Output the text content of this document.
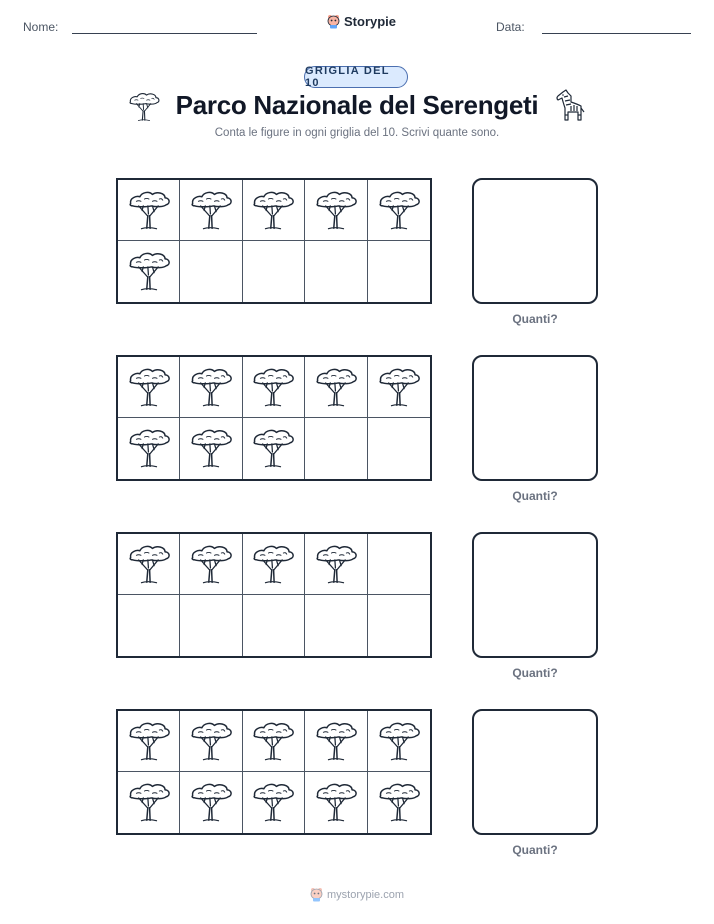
Nome:	Storypie	Data:
GRIGLIA DEL 10
Parco Nazionale del Serengeti
Conta le figure in ogni griglia del 10. Scrivi quante sono.
Quanti?
Quanti?
Quanti?
Quanti?
mystorypie.com
